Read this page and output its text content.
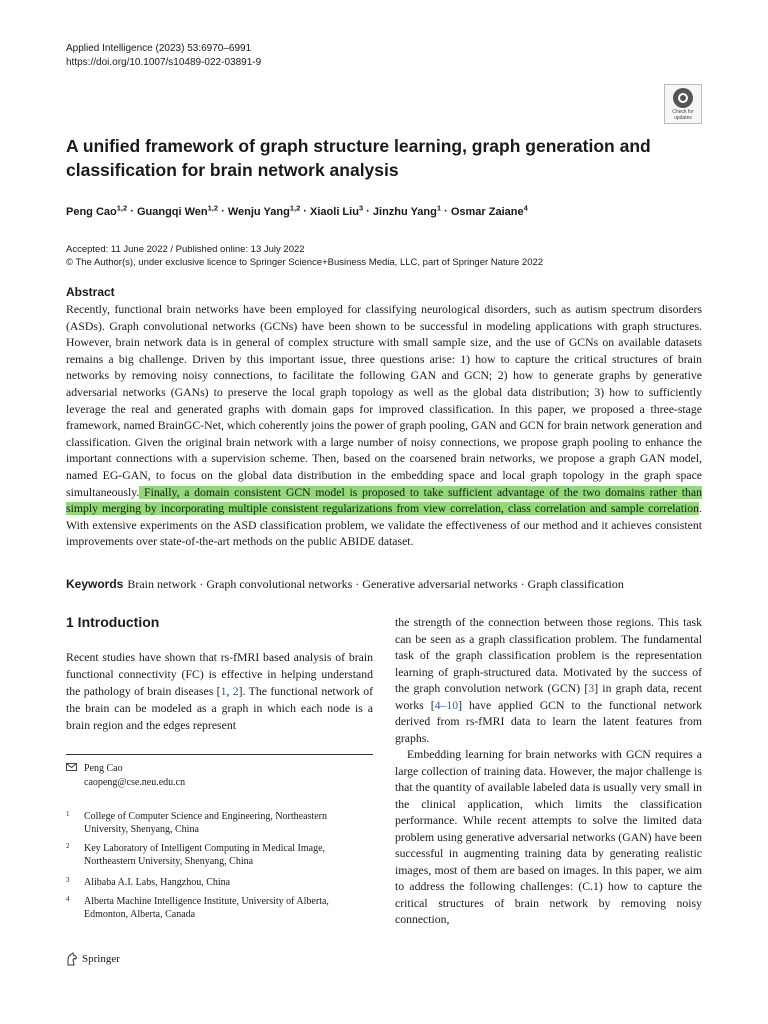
Applied Intelligence (2023) 53:6970–6991
https://doi.org/10.1007/s10489-022-03891-9
Check for
updates
A unified framework of graph structure learning, graph generation and classification for brain network analysis
Peng Cao$^{1,2}$ · Guangqi Wen$^{1,2}$ · Wenju Yang$^{1,2}$ · Xiaoli Liu$^3$ · Jinzhu Yang$^1$ · Osmar Zaiane$^4$
Accepted: 11 June 2022 / Published online: 13 July 2022
© The Author(s), under exclusive licence to Springer Science+Business Media, LLC, part of Springer Nature 2022
Abstract

Recently, functional brain networks have been employed for classifying neurological disorders, such as autism spectrum disorders (ASDs). Graph convolutional networks (GCNs) have been shown to be successful in modeling applications with graph structures. However, brain network data is in general of complex structure with small sample size, and the use of GCNs on available datasets remains a big challenge. Driven by this important issue, three questions arise: 1) how to capture the critical structures of brain networks by removing noisy connections, to facilitate the following GAN and GCN; 2) how to generate graphs by generative adversarial networks (GANs) to preserve the local graph topology as well as the global data distribution; 3) how to sufficiently leverage the real and generated graphs with domain gaps for improved classification. In this paper, we proposed a three-stage framework, named BrainGC-Net, which coherently joins the power of graph pooling, GAN and GCN for brain network generation and classification. Given the original brain network with a large number of noisy connections, we propose graph pooling to enhance the important connections with a supervision scheme. Then, based on the coarsened brain networks, we propose a graph GAN model, named EG-GAN, to focus on the global data distribution in the embedding space and local graph topology in the graph space simultaneously. Finally, a domain consistent GCN model is proposed to take sufficient advantage of the two domains rather than simply merging by incorporating multiple consistent regularizations from view correlation, class correlation and sample correlation. With extensive experiments on the ASD classification problem, we validate the effectiveness of our method and it achieves consistent improvements over state-of-the-art methods on the public ABIDE dataset.

Keywords Brain network · Graph convolutional networks · Generative adversarial networks · Graph classification
1 Introduction

Recent studies have shown that rs-fMRI based analysis of brain functional connectivity (FC) is effective in helping understand the pathology of brain diseases [1, 2]. The functional network of the brain can be modeled as a graph in which each node is a brain region and the edges represent

Peng Cao
caopeng@cse.neu.edu.cn
1	College of Computer Science and Engineering, Northeastern University, Shenyang, China
2	Key Laboratory of Intelligent Computing in Medical Image, Northeastern University, Shenyang, China
3	Alibaba A.I. Labs, Hangzhou, China
4	Alberta Machine Intelligence Institute, University of Alberta, Edmonton, Alberta, Canada

the strength of the connection between those regions. This task can be seen as a graph classification problem. The fundamental task of the graph classification problem is the representation learning of graph-structured data. Motivated by the success of the graph convolution network (GCN) [3] in graph data, recent works [4–10] have applied GCN to the functional network derived from rs-fMRI data to learn the latent features from graphs.

Embedding learning for brain networks with GCN requires a large collection of training data. However, the major challenge is that the quantity of available labeled data is usually very small in the clinical application, which limits the classification performance. While recent attempts to solve the limited data problem using generative adversarial networks (GAN) have been successful in augmenting training data by generating realistic images, most of them are based on images. In this paper, we aim to address the following challenges: (C.1) how to capture the critical structures of brain network by removing noisy connection,

Springer
